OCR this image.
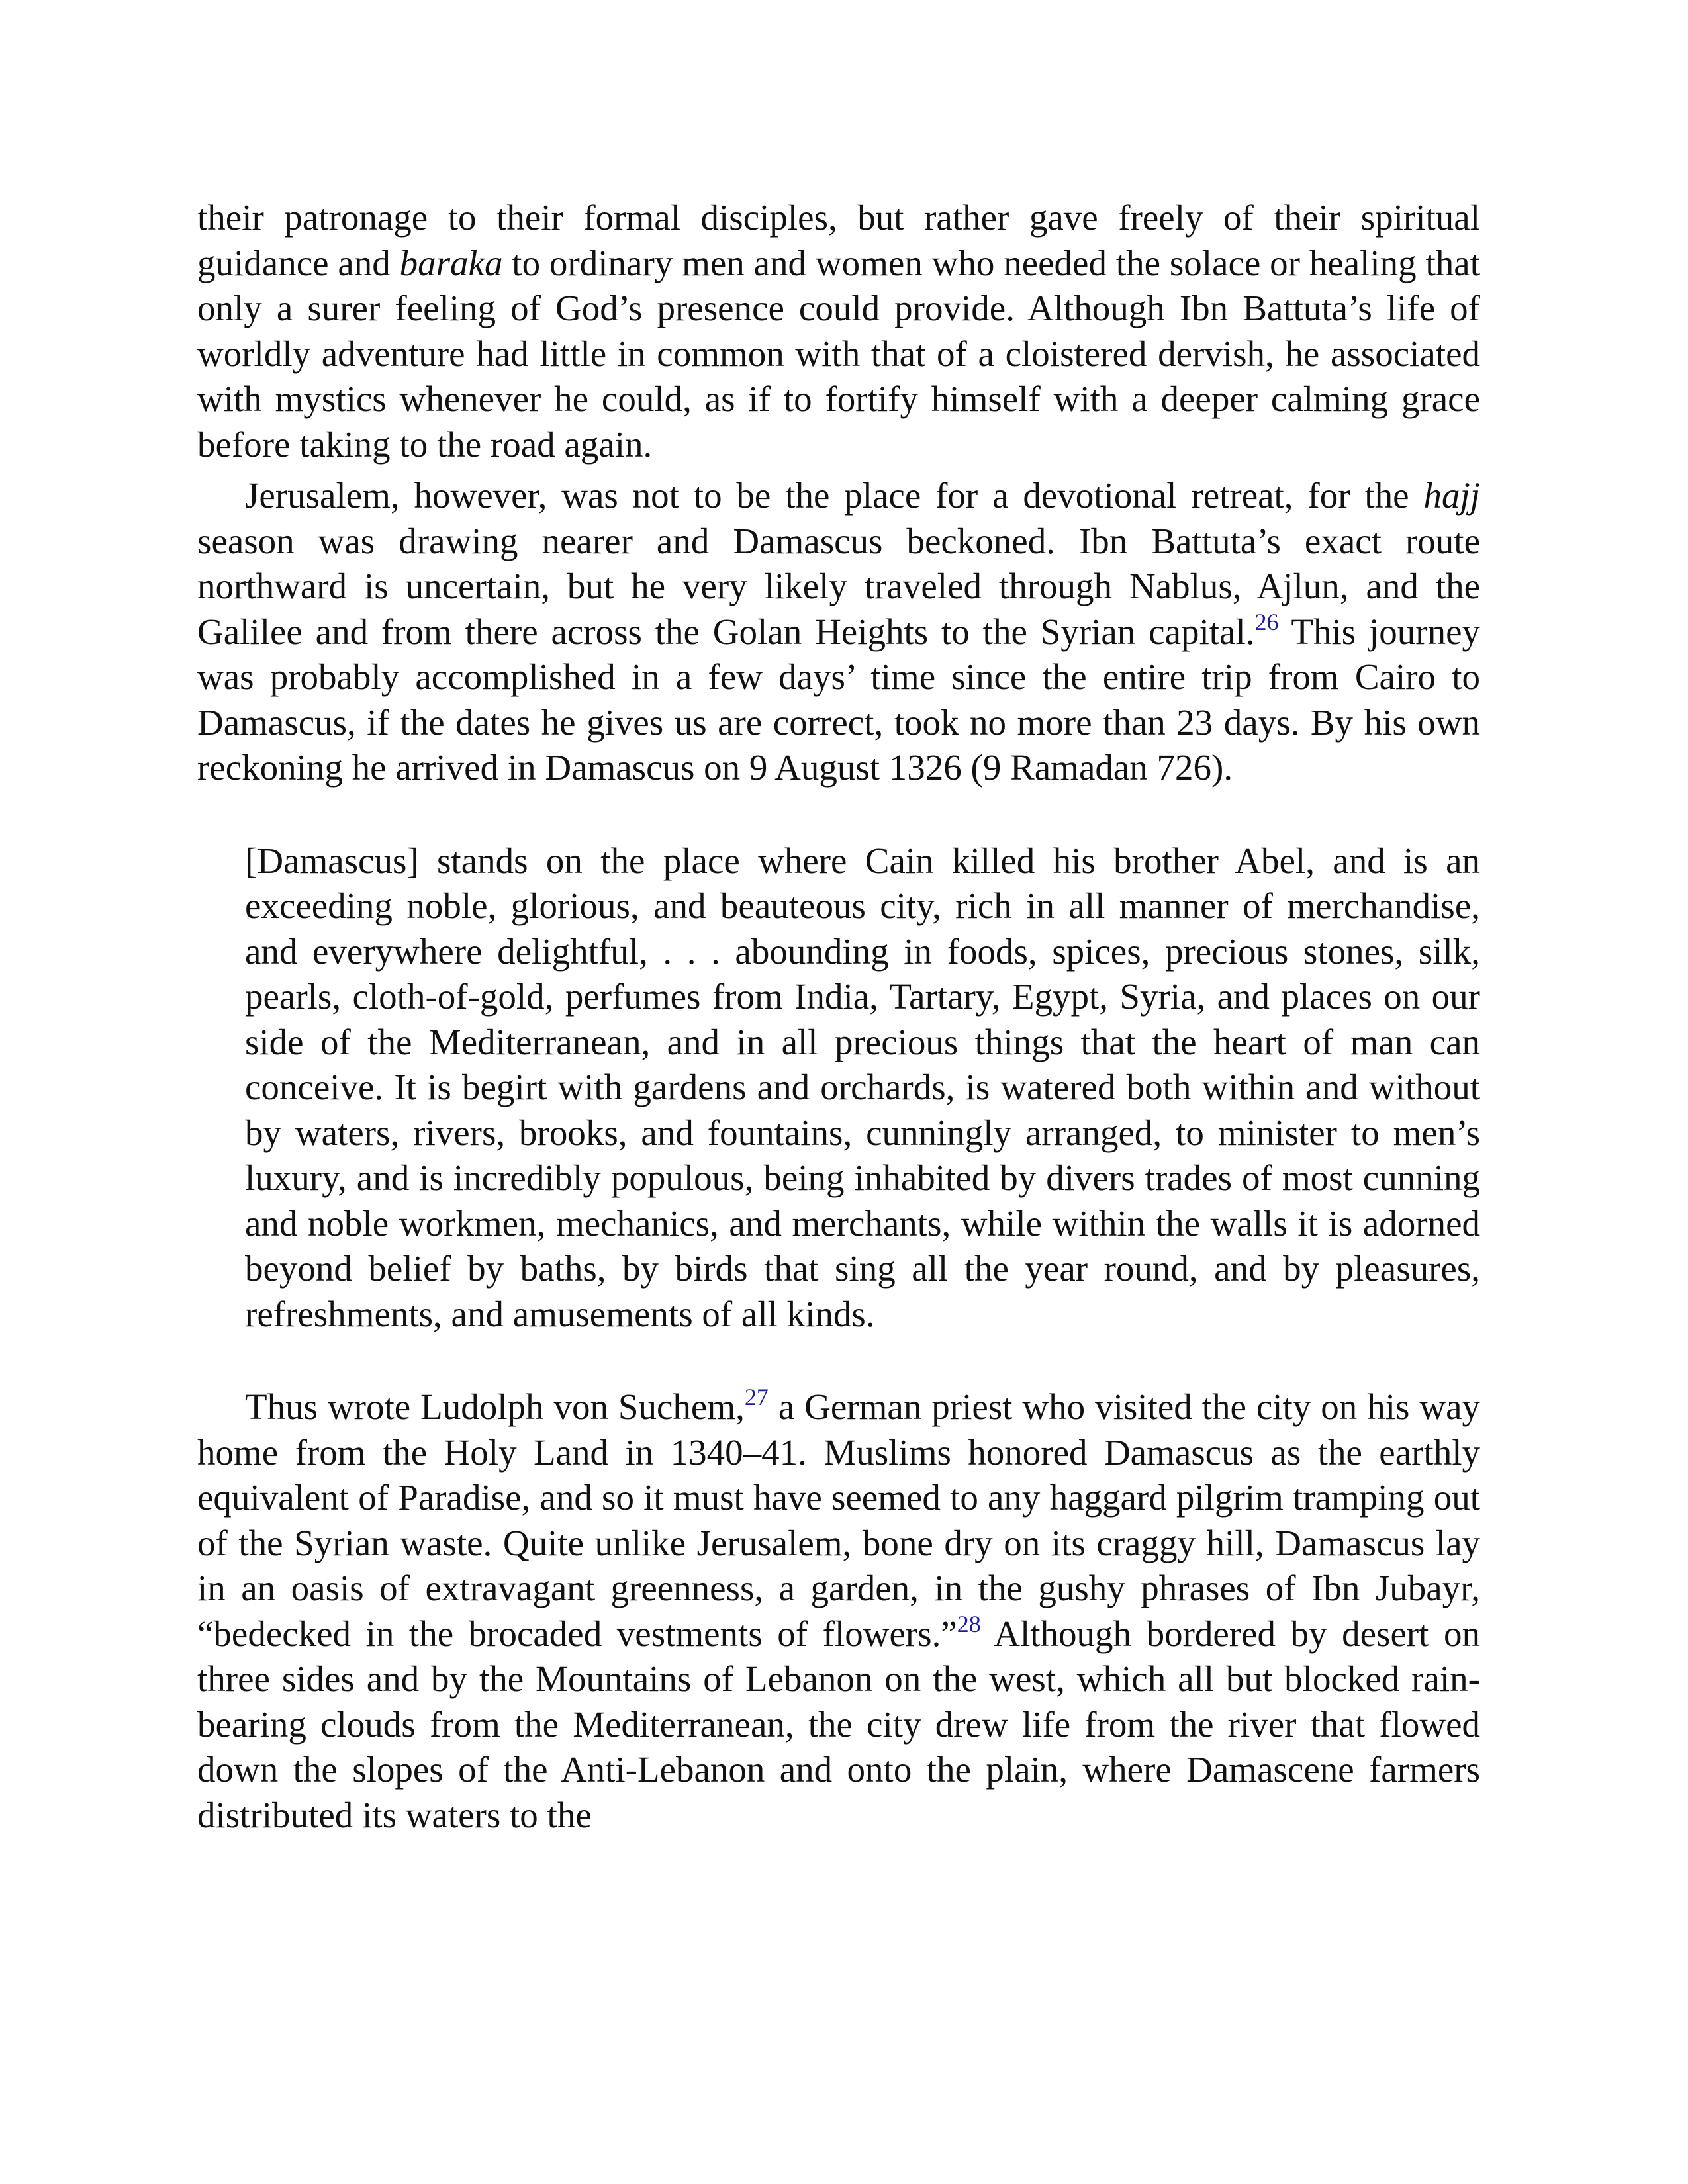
their patronage to their formal disciples, but rather gave freely of their spiritual guidance and baraka to ordinary men and women who needed the solace or healing that only a surer feeling of God’s presence could provide. Although Ibn Battuta’s life of worldly adventure had little in common with that of a cloistered dervish, he associated with mystics whenever he could, as if to fortify himself with a deeper calming grace before taking to the road again.

Jerusalem, however, was not to be the place for a devotional retreat, for the hajj season was drawing nearer and Damascus beckoned. Ibn Battuta’s exact route northward is uncertain, but he very likely traveled through Nablus, Ajlun, and the Galilee and from there across the Golan Heights to the Syrian capital.$^{26}$ This journey was probably accomplished in a few days’ time since the entire trip from Cairo to Damascus, if the dates he gives us are correct, took no more than 23 days. By his own reckoning he arrived in Damascus on 9 August 1326 (9 Ramadan 726).

[Damascus] stands on the place where Cain killed his brother Abel, and is an exceeding noble, glorious, and beauteous city, rich in all manner of merchandise, and everywhere delightful, . . . abounding in foods, spices, precious stones, silk, pearls, cloth-of-gold, perfumes from India, Tartary, Egypt, Syria, and places on our side of the Mediterranean, and in all precious things that the heart of man can conceive. It is begirt with gardens and orchards, is watered both within and without by waters, rivers, brooks, and fountains, cunningly arranged, to minister to men’s luxury, and is incredibly populous, being inhabited by divers trades of most cunning and noble workmen, mechanics, and merchants, while within the walls it is adorned beyond belief by baths, by birds that sing all the year round, and by pleasures, refreshments, and amusements of all kinds.

Thus wrote Ludolph von Suchem,$^{27}$ a German priest who visited the city on his way home from the Holy Land in 1340–41. Muslims honored Damascus as the earthly equivalent of Paradise, and so it must have seemed to any haggard pilgrim tramping out of the Syrian waste. Quite unlike Jerusalem, bone dry on its craggy hill, Damascus lay in an oasis of extravagant greenness, a garden, in the gushy phrases of Ibn Jubayr, “bedecked in the brocaded vestments of flowers.”$^{28}$ Although bordered by desert on three sides and by the Mountains of Lebanon on the west, which all but blocked rain-bearing clouds from the Mediterranean, the city drew life from the river that flowed down the slopes of the Anti-Lebanon and onto the plain, where Damascene farmers distributed its waters to the
